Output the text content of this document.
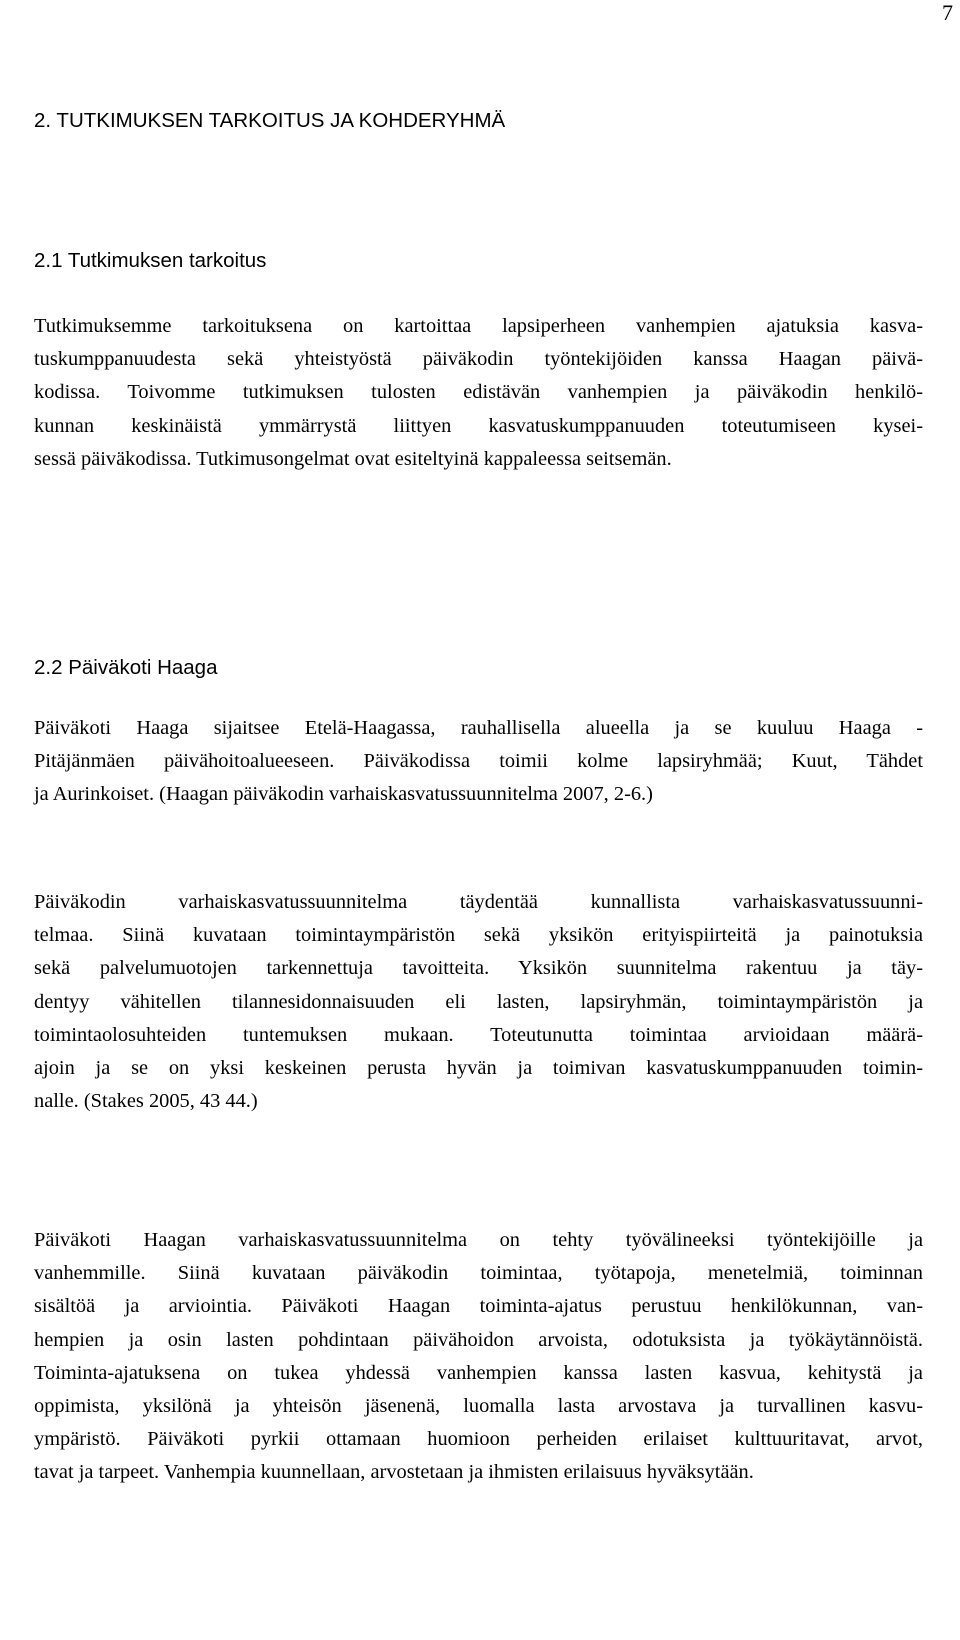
7
2. TUTKIMUKSEN TARKOITUS JA KOHDERYHMÄ
2.1 Tutkimuksen tarkoitus

Tutkimuksemme tarkoituksena on kartoittaa lapsiperheen vanhempien ajatuksia kasva-
tuskumppanuudesta sekä yhteistyöstä päiväkodin työntekijöiden kanssa Haagan päivä-
kodissa. Toivomme tutkimuksen tulosten edistävän vanhempien ja päiväkodin henkilö-
kunnan keskinäistä ymmärrystä liittyen kasvatuskumppanuuden toteutumiseen kysei-
sessä päiväkodissa. Tutkimusongelmat ovat esiteltyinä kappaleessa seitsemän.

2.2 Päiväkoti Haaga

Päiväkoti Haaga sijaitsee Etelä-Haagassa, rauhallisella alueella ja se kuuluu Haaga -
Pitäjänmäen päivähoitoalueeseen. Päiväkodissa toimii kolme lapsiryhmää; Kuut, Tähdet
ja Aurinkoiset. (Haagan päiväkodin varhaiskasvatussuunnitelma 2007, 2-6.)

Päiväkodin varhaiskasvatussuunnitelma täydentää kunnallista varhaiskasvatussuunni-
telmaa. Siinä kuvataan toimintaympäristön sekä yksikön erityispiirteitä ja painotuksia
sekä palvelumuotojen tarkennettuja tavoitteita. Yksikön suunnitelma rakentuu ja täy-
dentyy vähitellen tilannesidonnaisuuden eli lasten, lapsiryhmän, toimintaympäristön ja
toimintaolosuhteiden tuntemuksen mukaan. Toteutunutta toimintaa arvioidaan määrä-
ajoin ja se on yksi keskeinen perusta hyvän ja toimivan kasvatuskumppanuuden toimin-
nalle. (Stakes 2005, 43 44.)

Päiväkoti Haagan varhaiskasvatussuunnitelma on tehty työvälineeksi työntekijöille ja
vanhemmille. Siinä kuvataan päiväkodin toimintaa, työtapoja, menetelmiä, toiminnan
sisältöä ja arviointia. Päiväkoti Haagan toiminta-ajatus perustuu henkilökunnan, van-
hempien ja osin lasten pohdintaan päivähoidon arvoista, odotuksista ja työkäytännöistä.
Toiminta-ajatuksena on tukea yhdessä vanhempien kanssa lasten kasvua, kehitystä ja
oppimista, yksilönä ja yhteisön jäsenenä, luomalla lasta arvostava ja turvallinen kasvu-
ympäristö. Päiväkoti pyrkii ottamaan huomioon perheiden erilaiset kulttuuritavat, arvot,
tavat ja tarpeet. Vanhempia kuunnellaan, arvostetaan ja ihmisten erilaisuus hyväksytään.
